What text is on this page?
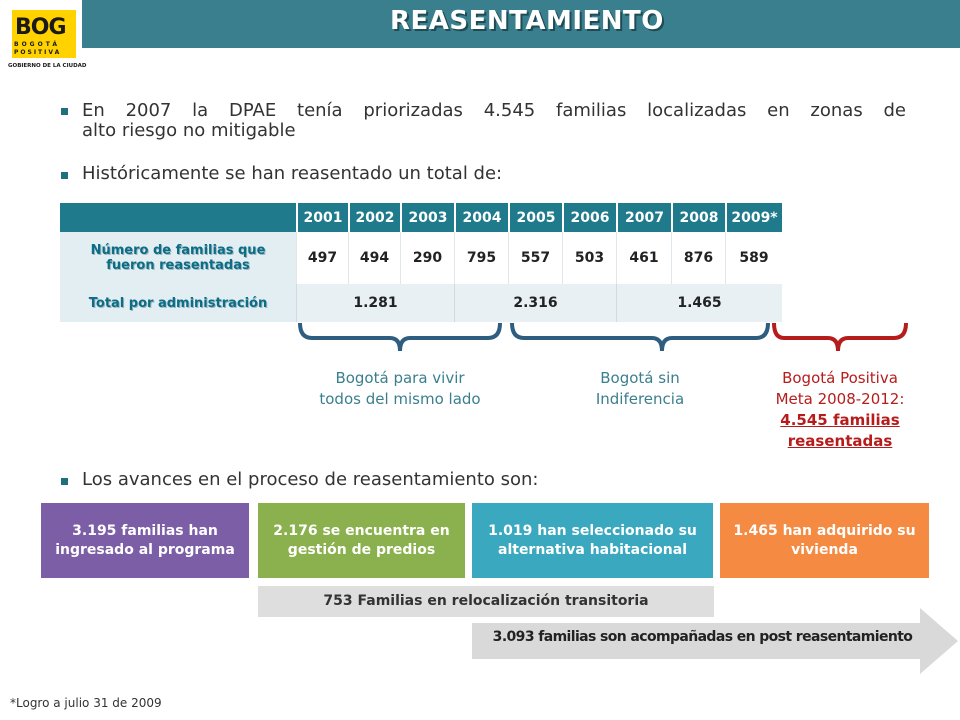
REASENTAMIENTO
BOG
BOGOTÁ
POSITIVA
GOBIERNO DE LA CIUDAD
En 2007 la DPAE tenía priorizadas 4.545 familias localizadas en zonas de
alto riesgo no mitigable
Históricamente se han reasentado un total de:
	2001	2002	2003	2004	2005	2006	2007	2008	2009*
Número de familias que
fueron reasentadas	497	494	290	795	557	503	461	876	589
Total por administración	1.281			2.316			1.465		
Bogotá para vivir
todos del mismo lado
Bogotá sin
Indiferencia
Bogotá Positiva
Meta 2008-2012:
4.545 familias
reasentadas
Los avances en el proceso de reasentamiento son:
3.195 familias han ingresado al programa
2.176 se encuentra en gestión de predios
1.019 han seleccionado su alternativa habitacional
1.465 han adquirido su vivienda
753 Familias en relocalización transitoria
3.093 familias son acompañadas en post reasentamiento
*Logro a julio 31 de 2009
